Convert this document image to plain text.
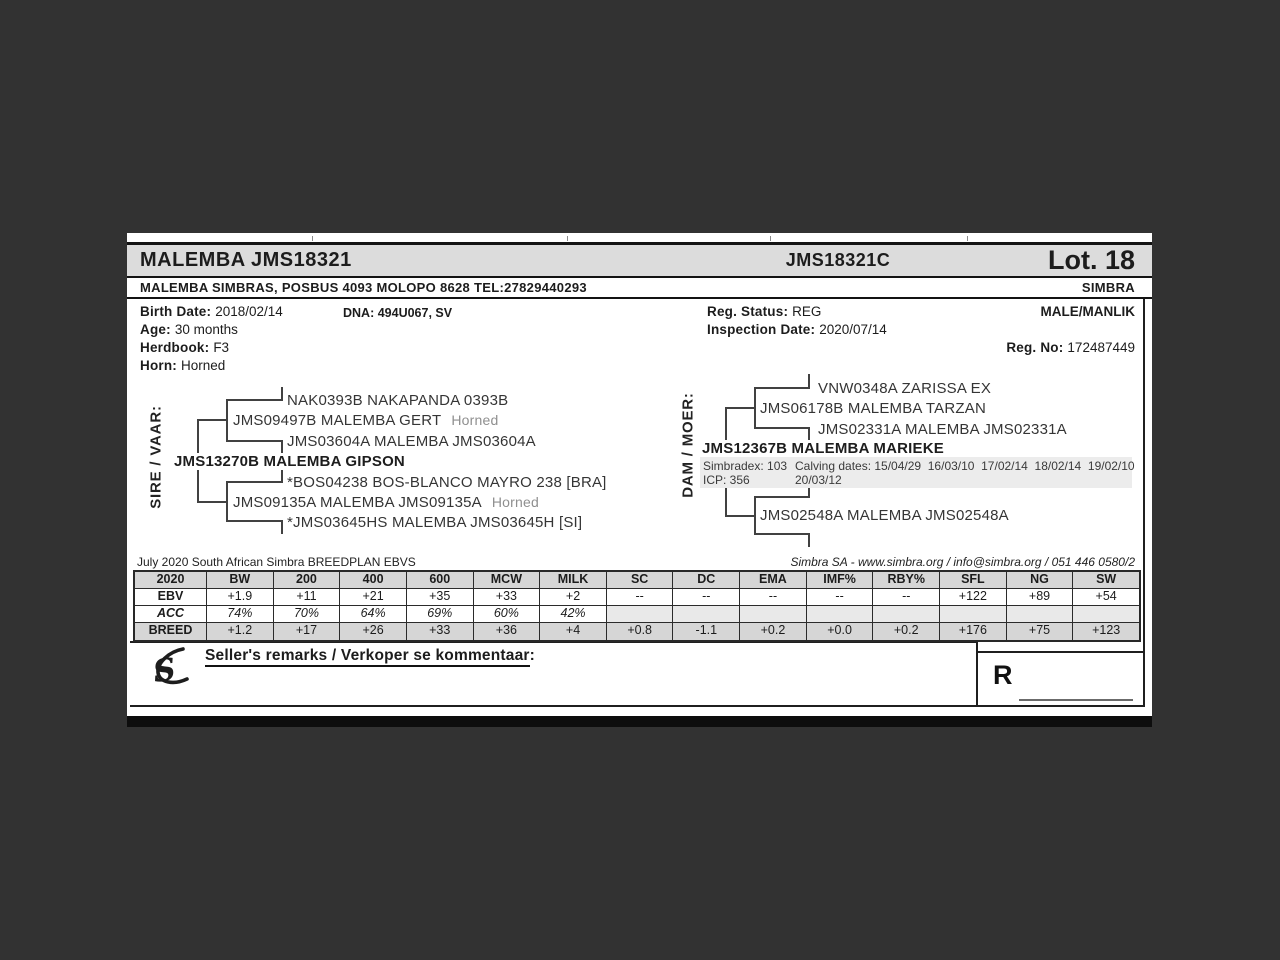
MALEMBA JMS18321	JMS18321C	Lot. 18
MALEMBA SIMBRAS, POSBUS 4093 MOLOPO 8628 TEL:27829440293	SIMBRA
Birth Date: 2018/02/14	DNA: 494U067, SV	Reg. Status: REG	MALE/MANLIK
Age: 30 months	Inspection Date: 2020/07/14
Herdbook: F3	Reg. No: 172487449
Horn: Horned
SIRE / VAAR:
NAK0393B NAKAPANDA 0393B
JMS09497B MALEMBA GERT Horned
JMS03604A MALEMBA JMS03604A
JMS13270B MALEMBA GIPSON
*BOS04238 BOS-BLANCO MAYRO 238 [BRA]
JMS09135A MALEMBA JMS09135A Horned
*JMS03645HS MALEMBA JMS03645H [SI]
DAM / MOER:
VNW0348A ZARISSA EX
JMS06178B MALEMBA TARZAN
JMS02331A MALEMBA JMS02331A
JMS12367B MALEMBA MARIEKE
Simbradex: 103
ICP: 356
Calving dates: 15/04/29  16/03/10  17/02/14  18/02/14  19/02/10
20/03/12
JMS02548A MALEMBA JMS02548A
July 2020 South African Simbra BREEDPLAN EBVS	Simbra SA - www.simbra.org / info@simbra.org / 051 446 0580/2
2020	BW	200	400	600	MCW	MILK	SC	DC	EMA	IMF%	RBY%	SFL	NG	SW
EBV	+1.9	+11	+21	+35	+33	+2	--	--	--	--	--	+122	+89	+54
ACC	74%	70%	64%	69%	60%	42%
BREED	+1.2	+17	+26	+33	+36	+4	+0.8	-1.1	+0.2	+0.0	+0.2	+176	+75	+123
S Seller's remarks / Verkoper se kommentaar:
R
